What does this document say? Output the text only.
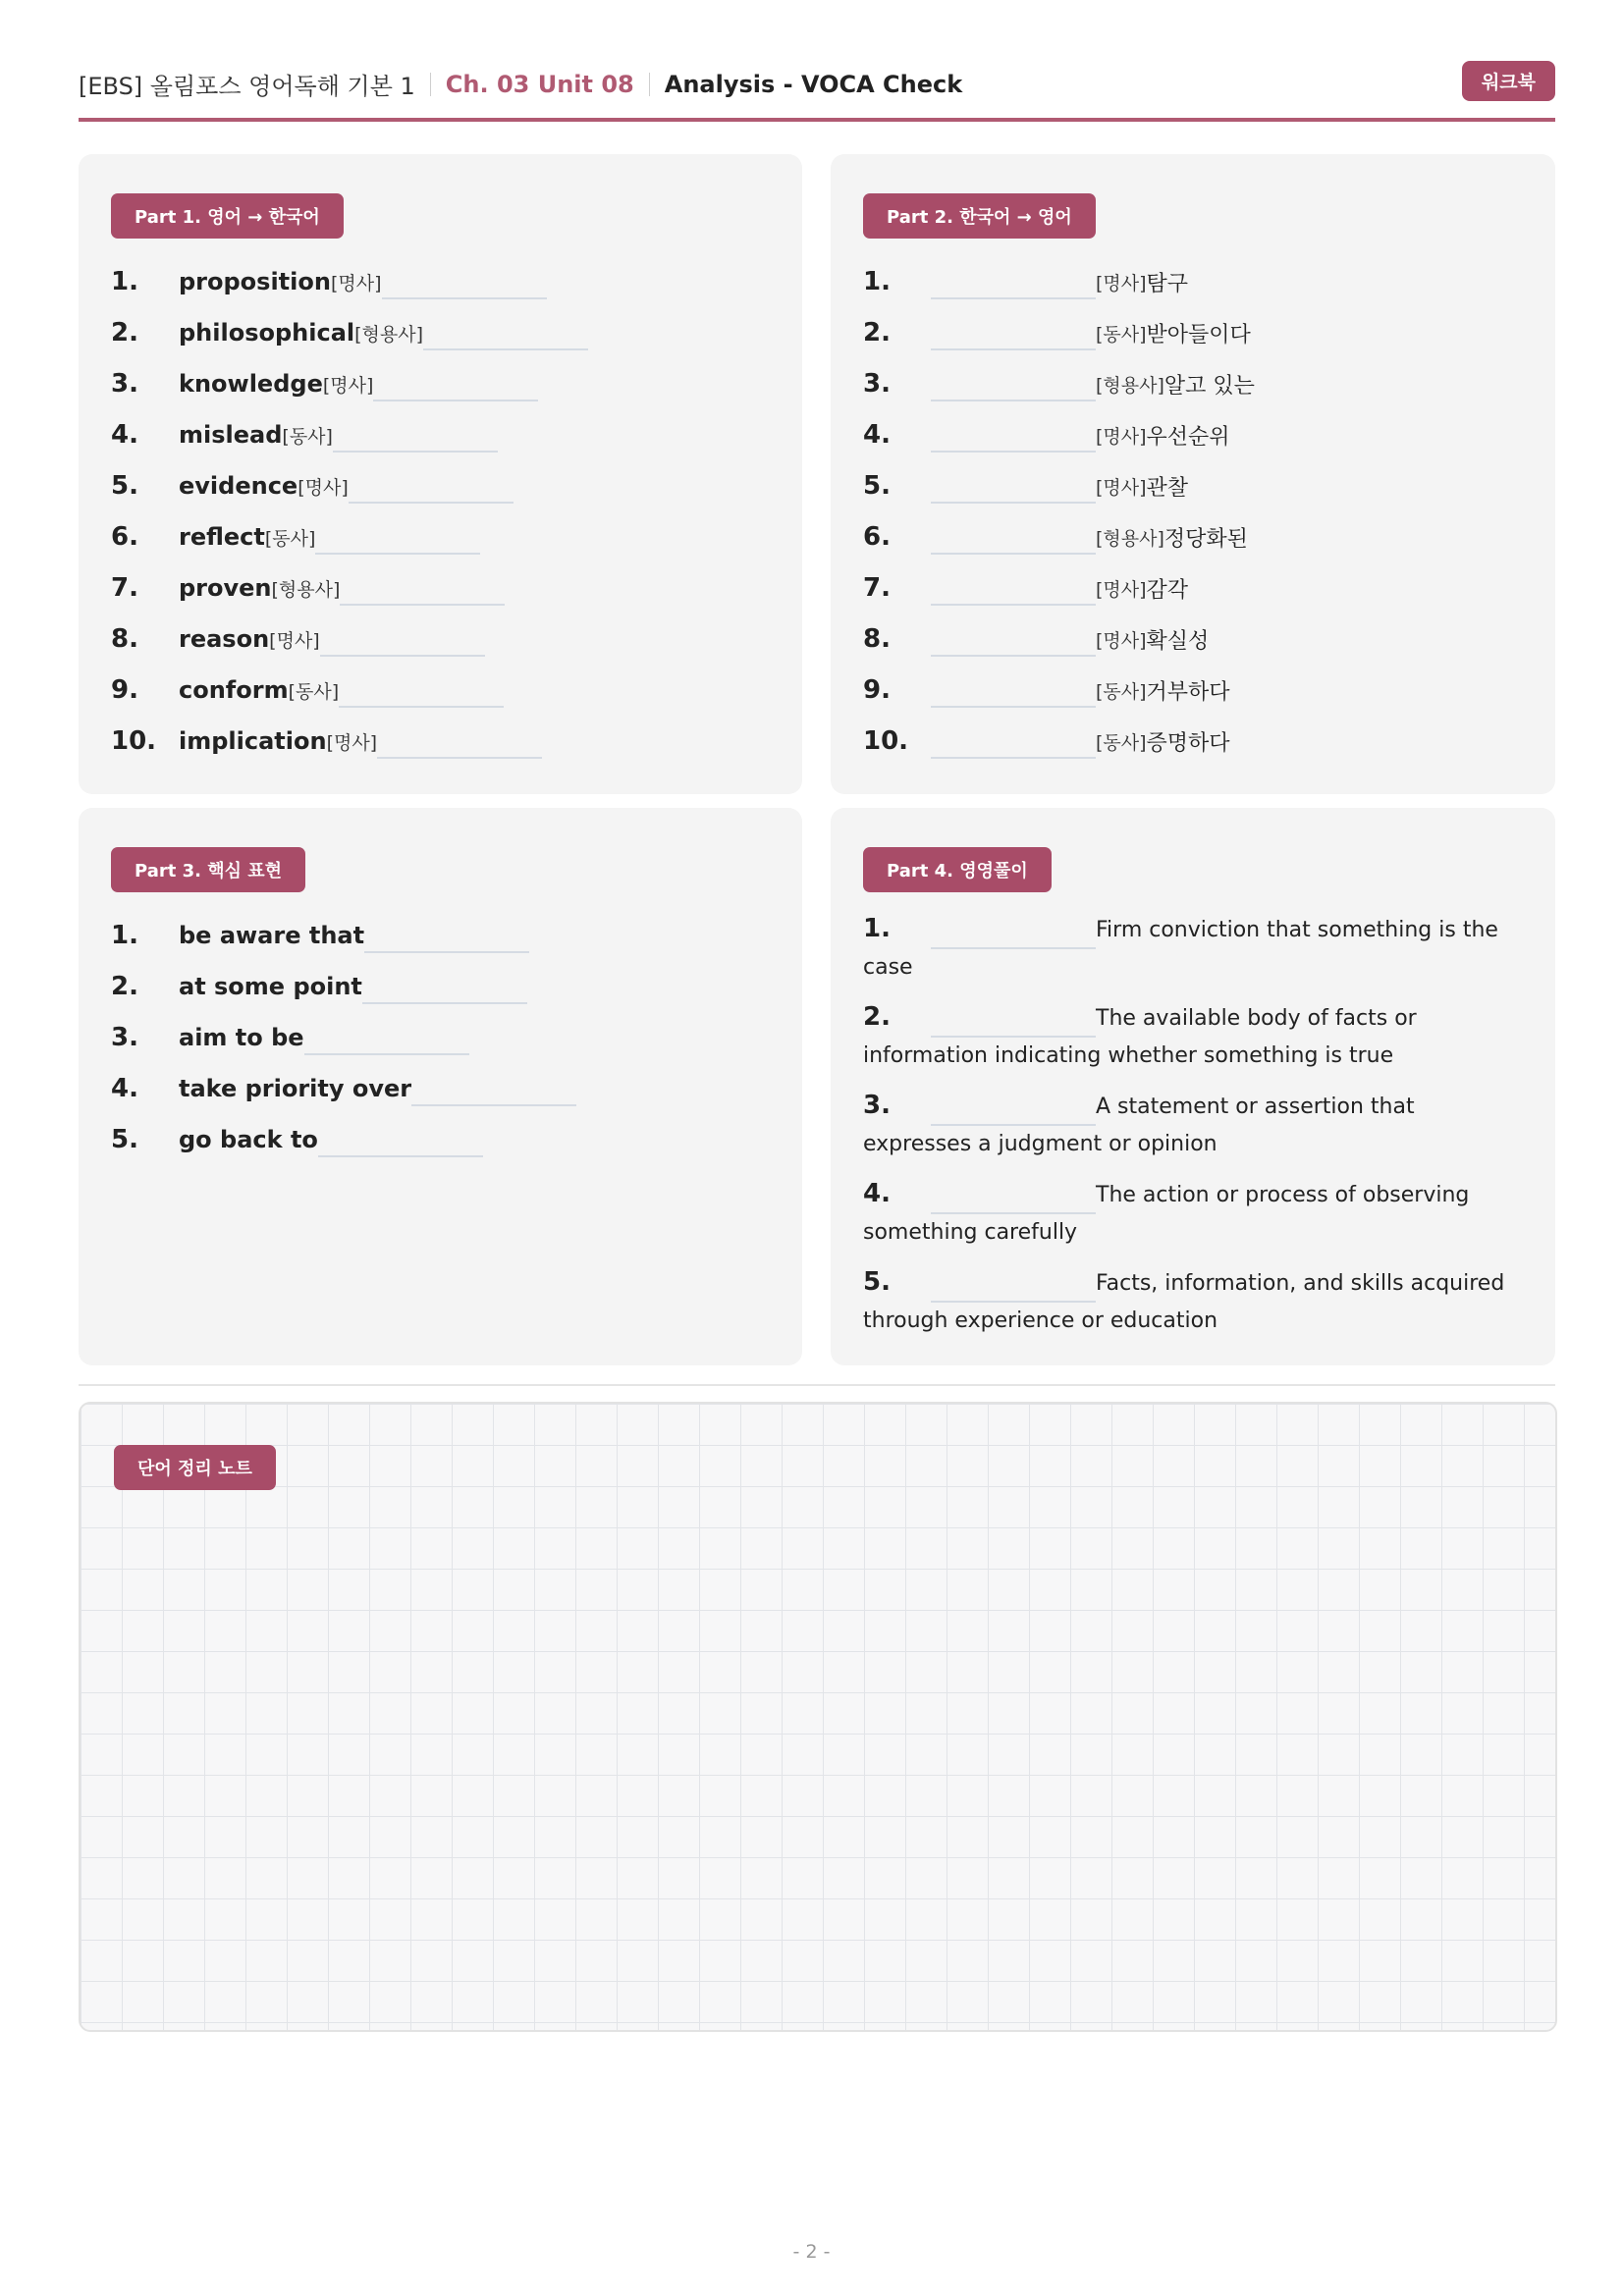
[EBS] 올림포스 영어독해 기본 1 Ch. 03 Unit 08 Analysis - VOCA Check	워크북
Part 1. 영어 → 한국어
1.	proposition [명사]
2.	philosophical [형용사]
3.	knowledge [명사]
4.	mislead [동사]
5.	evidence [명사]
6.	reflect [동사]
7.	proven [형용사]
8.	reason [명사]
9.	conform [동사]
10. implication [명사]
Part 2. 한국어 → 영어
1.	[명사] 탐구
2.	[동사] 받아들이다
3.	[형용사] 알고 있는
4.	[명사] 우선순위
5.	[명사] 관찰
6.	[형용사] 정당화된
7.	[명사] 감각
8.	[명사] 확실성
9.	[동사] 거부하다
10.	[동사] 증명하다
Part 3. 핵심 표현
1.	be aware that
2.	at some point
3.	aim to be
4.	take priority over
5.	go back to
Part 4. 영영풀이
1.	Firm conviction that something is the case
2.	The available body of facts or information indicating whether something is true
3.	A statement or assertion that expresses a judgment or opinion
4.	The action or process of observing something carefully
5.	Facts, information, and skills acquired through experience or education
단어 정리 노트
- 2 -
